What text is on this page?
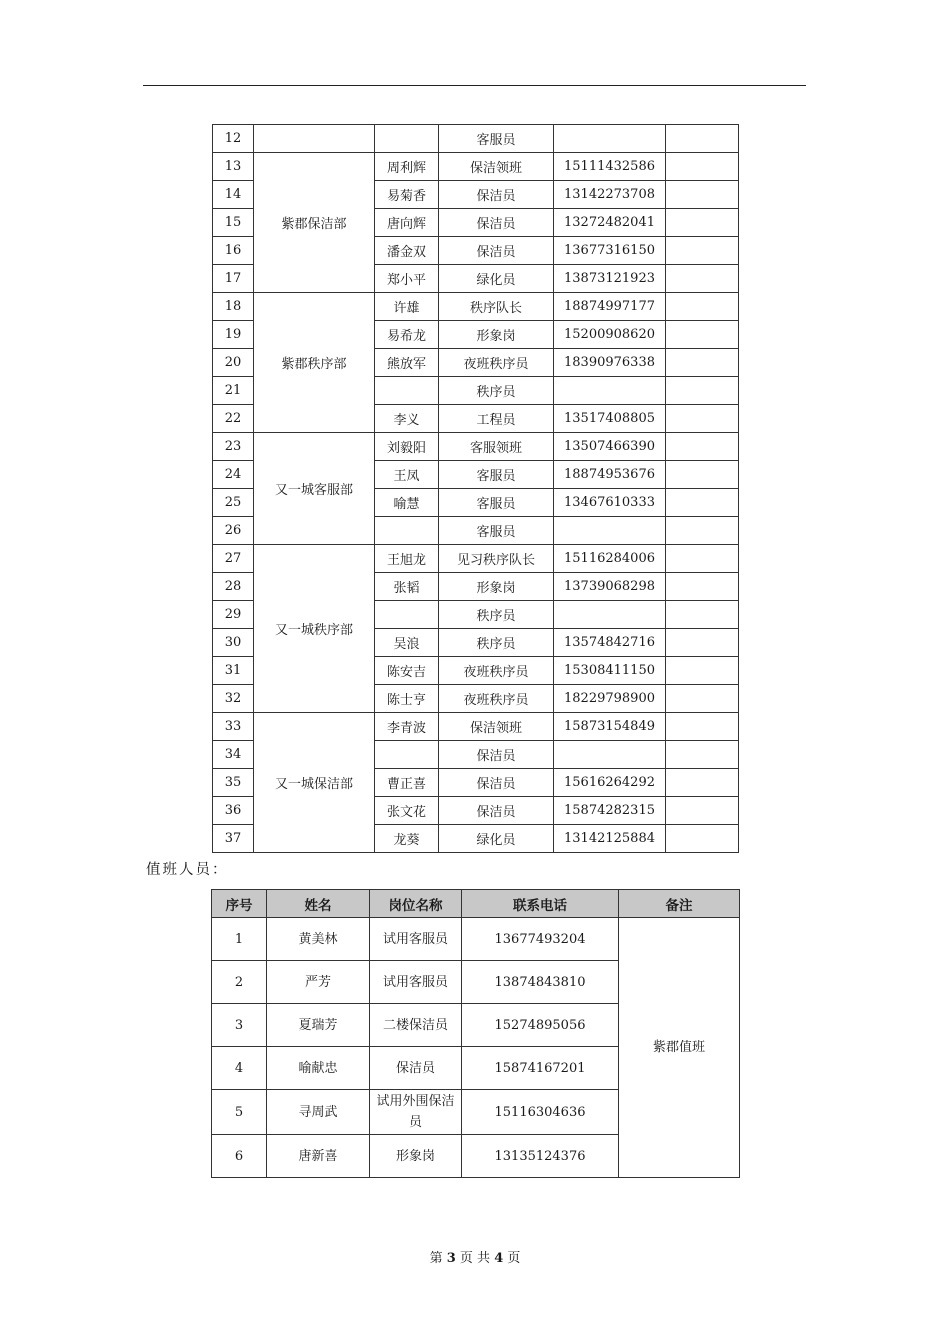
12			客服员		
13	紫郡保洁部	周利辉	保洁领班	15111432586	
14		易菊香	保洁员	13142273708	
15		唐向辉	保洁员	13272482041	
16		潘金双	保洁员	13677316150	
17		郑小平	绿化员	13873121923	
18	紫郡秩序部	许雄	秩序队长	18874997177	
19		易希龙	形象岗	15200908620	
20		熊放军	夜班秩序员	18390976338	
21			秩序员		
22		李义	工程员	13517408805	
23	又一城客服部	刘毅阳	客服领班	13507466390	
24		王凤	客服员	18874953676	
25		喻慧	客服员	13467610333	
26			客服员		
27	又一城秩序部	王旭龙	见习秩序队长	15116284006	
28		张韬	形象岗	13739068298	
29			秩序员		
30		吴浪	秩序员	13574842716	
31		陈安吉	夜班秩序员	15308411150	
32		陈士亨	夜班秩序员	18229798900	
33	又一城保洁部	李青波	保洁领班	15873154849	
34			保洁员		
35		曹正喜	保洁员	15616264292	
36		张文花	保洁员	15874282315	
37		龙葵	绿化员	13142125884	
值班人员：
序号	姓名	岗位名称	联系电话	备注
1	黄美林	试用客服员	13677493204	紫郡值班
2	严芳	试用客服员	13874843810	
3	夏瑞芳	二楼保洁员	15274895056	
4	喻献忠	保洁员	15874167201	
5	寻周武	试用外围保洁员	15116304636	
6	唐新喜	形象岗	13135124376	
第 3 页 共 4 页
